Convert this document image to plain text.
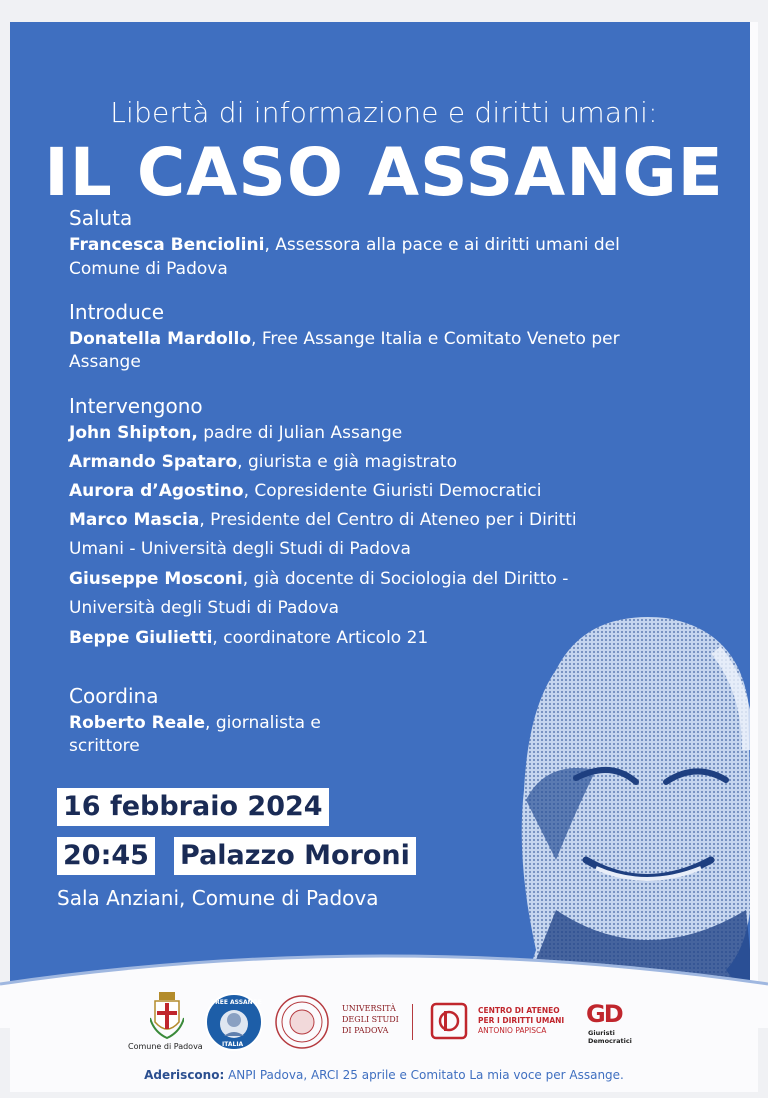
Libertà di informazione e diritti umani:
IL CASO ASSANGE
Saluta
Francesca Benciolini, Assessora alla pace e ai diritti umani del
Comune di Padova
Introduce
Donatella Mardollo, Free Assange Italia e Comitato Veneto per
Assange
Intervengono
John Shipton, padre di Julian Assange
Armando Spataro, giurista e già magistrato
Aurora d’Agostino, Copresidente Giuristi Democratici
Marco Mascia, Presidente del Centro di Ateneo per i Diritti
Umani - Università degli Studi di Padova
Giuseppe Mosconi, già docente di Sociologia del Diritto -
Università degli Studi di Padova
Beppe Giulietti, coordinatore Articolo 21
Coordina
Roberto Reale, giornalista e
scrittore
16 febbraio 2024
20:45 Palazzo Moroni
Sala Anziani, Comune di Padova
Comune di Padova
FREE ASSANGE
ITALIA
UNIVERSITÀ
DEGLI STUDI
DI PADOVA
CENTRO DI ATENEO
PER I DIRITTI UMANI
ANTONIO PAPISCA
GD
Giuristi
Democratici
Aderiscono: ANPI Padova, ARCI 25 aprile e Comitato La mia voce per Assange.
